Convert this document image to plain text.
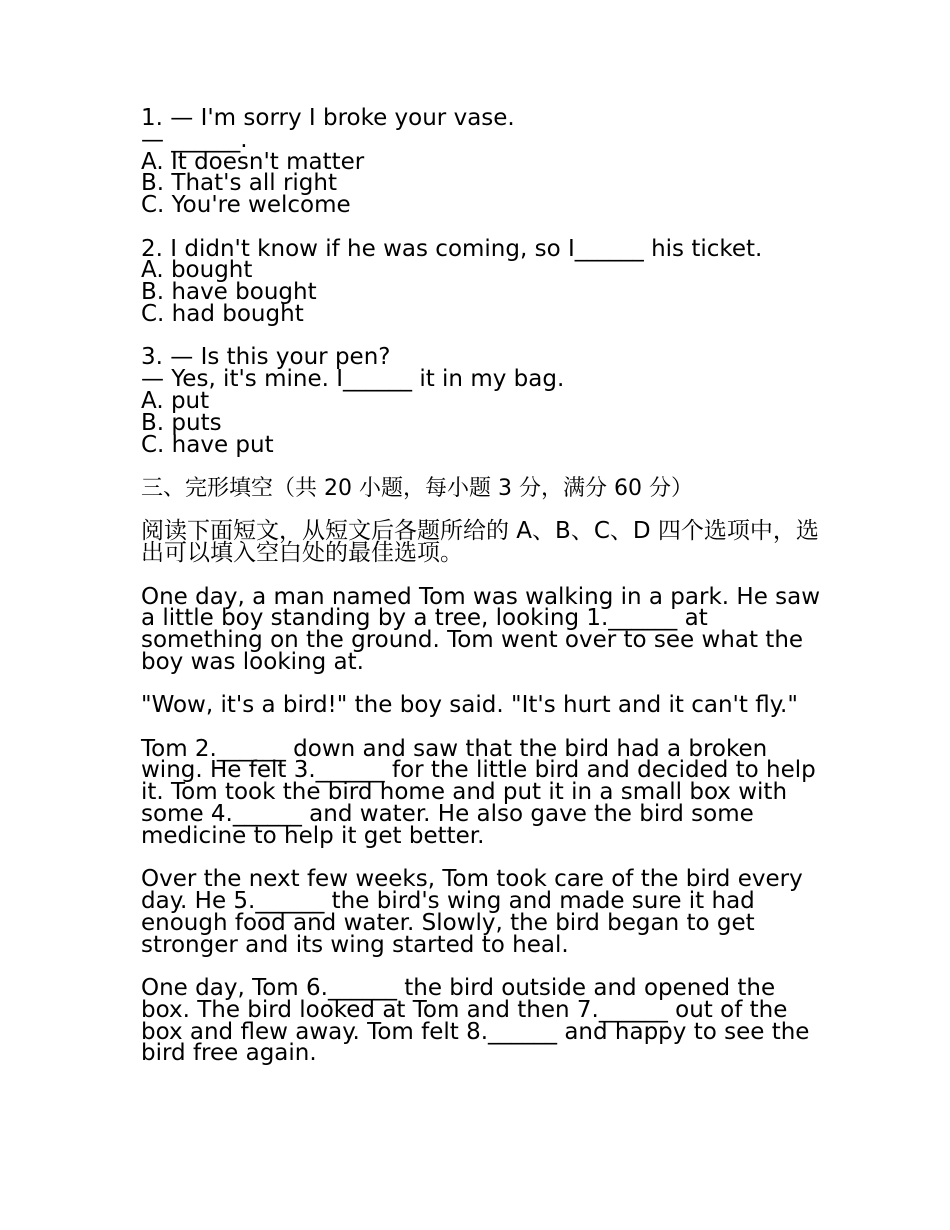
1. — I'm sorry I broke your vase.
— ______.
A. It doesn't matter
B. That's all right
C. You're welcome
2. I didn't know if he was coming, so I______ his ticket.
A. bought
B. have bought
C. had bought
3. — Is this your pen?
— Yes, it's mine. I______ it in my bag.
A. put
B. puts
C. have put
三、完形填空（共 20 小题，每小题 3 分，满分 60 分）
阅读下面短文，从短文后各题所给的 A、B、C、D 四个选项中，选出可以填入空白处的最佳选项。
One day, a man named Tom was walking in a park. He saw a little boy standing by a tree, looking 1.______ at something on the ground. Tom went over to see what the boy was looking at.
"Wow, it's a bird!" the boy said. "It's hurt and it can't fly."
Tom 2.______ down and saw that the bird had a broken wing. He felt 3.______ for the little bird and decided to help it. Tom took the bird home and put it in a small box with some 4.______ and water. He also gave the bird some medicine to help it get better.
Over the next few weeks, Tom took care of the bird every day. He 5.______ the bird's wing and made sure it had enough food and water. Slowly, the bird began to get stronger and its wing started to heal.
One day, Tom 6.______ the bird outside and opened the box. The bird looked at Tom and then 7.______ out of the box and flew away. Tom felt 8.______ and happy to see the bird free again.
